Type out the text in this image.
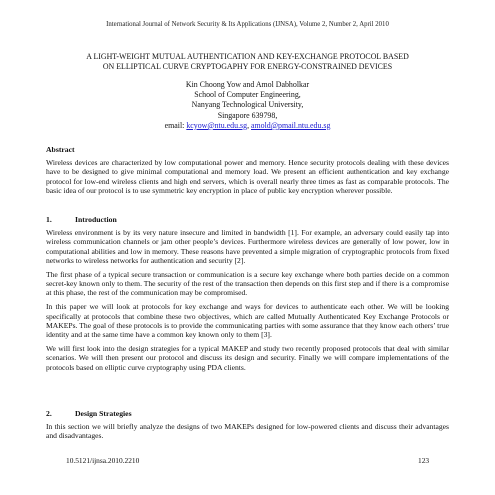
International Journal of Network Security & Its Applications (IJNSA), Volume 2, Number 2, April 2010
A LIGHT-WEIGHT MUTUAL AUTHENTICATION AND KEY-EXCHANGE PROTOCOL BASED
ON ELLIPTICAL CURVE CRYPTOGAPHY FOR ENERGY-CONSTRAINED DEVICES
Kin Choong Yow and Amol Dabholkar
School of Computer Engineering,
Nanyang Technological University,
Singapore 639798,
email: kcyow@ntu.edu.sg, amold@pmail.ntu.edu.sg
Abstract

Wireless devices are characterized by low computational power and memory. Hence security protocols dealing with these devices have to be designed to give minimal computational and memory load. We present an efficient authentication and key exchange protocol for low-end wireless clients and high end servers, which is overall nearly three times as fast as comparable protocols. The basic idea of our protocol is to use symmetric key encryption in place of public key encryption wherever possible.

1.	Introduction

Wireless environment is by its very nature insecure and limited in bandwidth [1]. For example, an adversary could easily tap into wireless communication channels or jam other people’s devices. Furthermore wireless devices are generally of low power, low in computational abilities and low in memory. These reasons have prevented a simple migration of cryptographic protocols from fixed networks to wireless networks for authentication and security [2].

The first phase of a typical secure transaction or communication is a secure key exchange where both parties decide on a common secret-key known only to them. The security of the rest of the transaction then depends on this first step and if there is a compromise at this phase, the rest of the communication may be compromised.

In this paper we will look at protocols for key exchange and ways for devices to authenticate each other. We will be looking specifically at protocols that combine these two objectives, which are called Mutually Authenticated Key Exchange Protocols or MAKEPs. The goal of these protocols is to provide the communicating parties with some assurance that they know each others’ true identity and at the same time have a common key known only to them [3].

We will first look into the design strategies for a typical MAKEP and study two recently proposed protocols that deal with similar scenarios. We will then present our protocol and discuss its design and security. Finally we will compare implementations of the protocols based on elliptic curve cryptography using PDA clients.

2.	Design Strategies

In this section we will briefly analyze the designs of two MAKEPs designed for low-powered clients and discuss their advantages and disadvantages.

10.5121/ijnsa.2010.2210	123
